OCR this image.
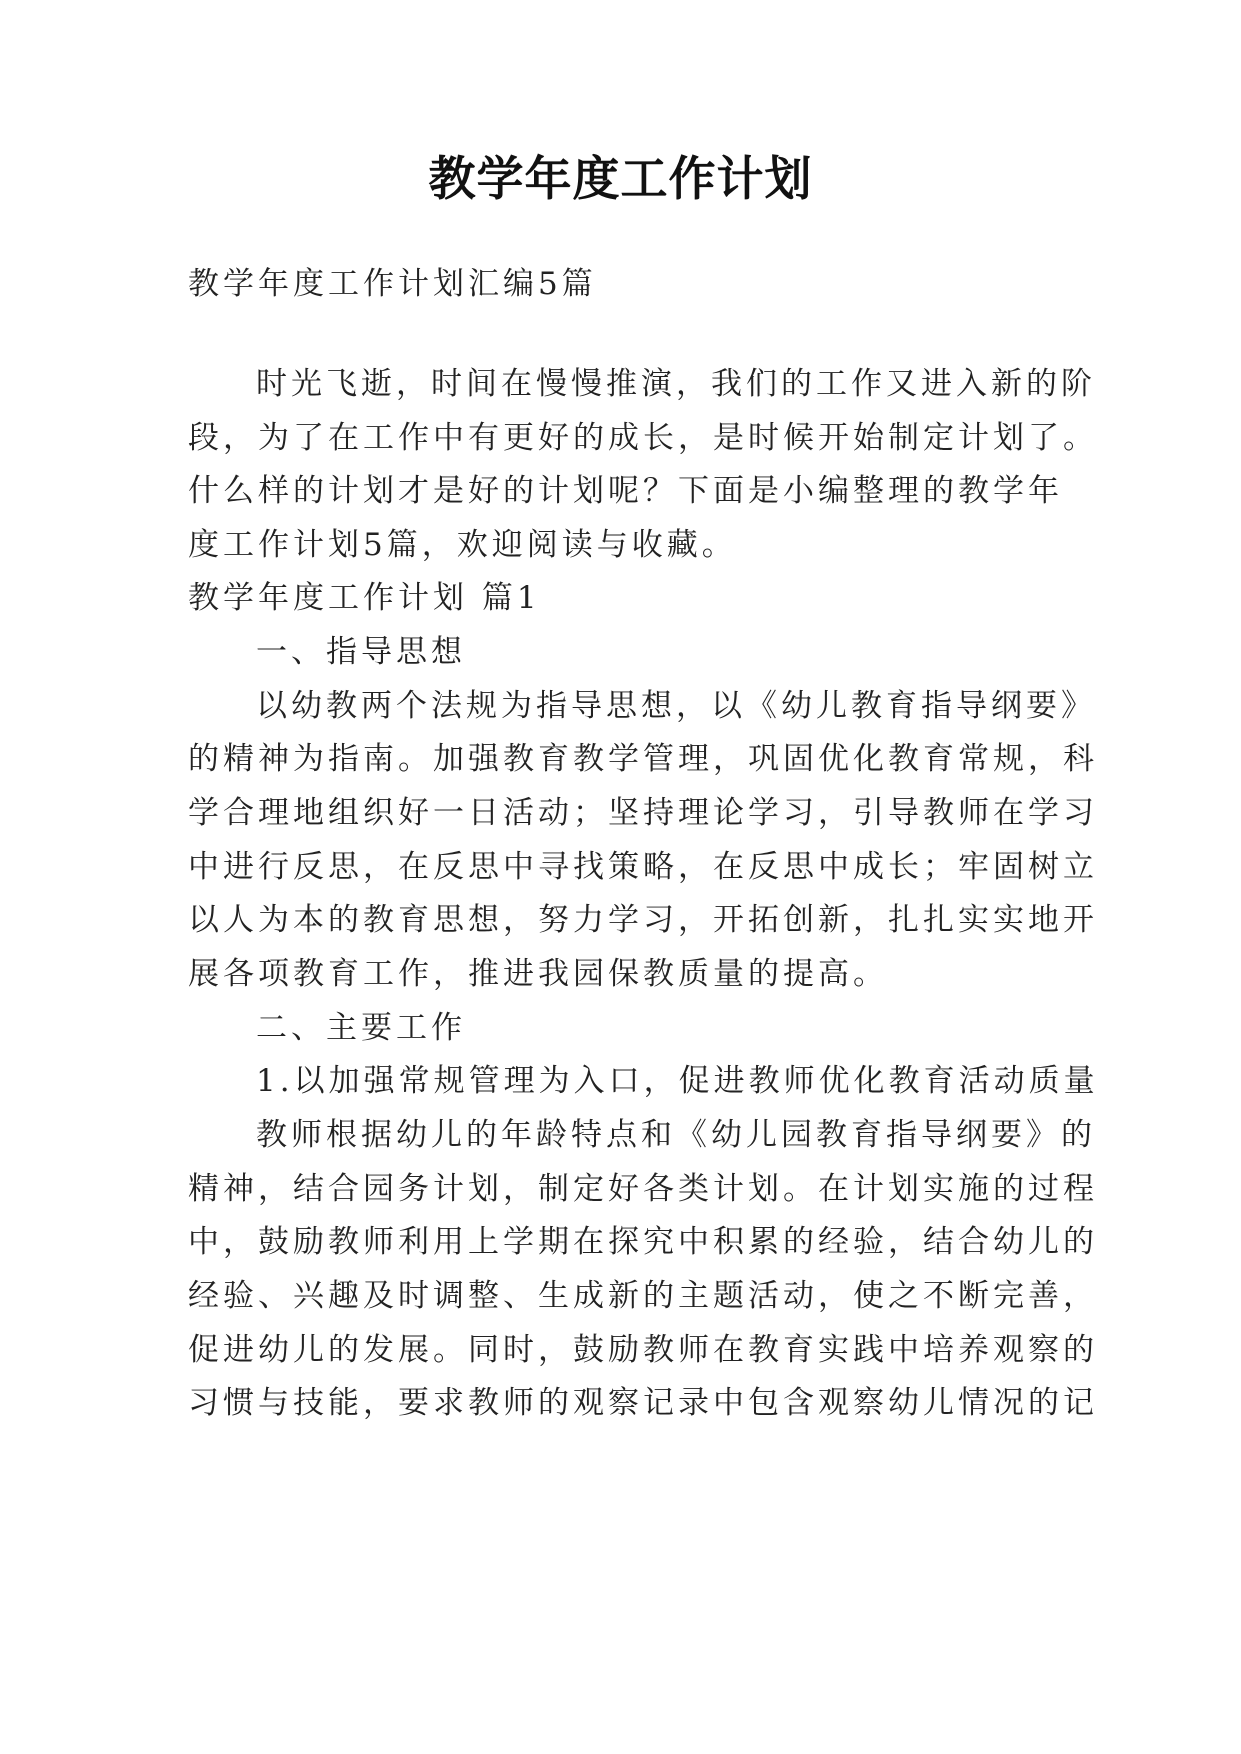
教学年度工作计划
教学年度工作计划汇编5篇
时光飞逝，时间在慢慢推演，我们的工作又进入新的阶
段，为了在工作中有更好的成长，是时候开始制定计划了。
什么样的计划才是好的计划呢？下面是小编整理的教学年
度工作计划5篇，欢迎阅读与收藏。
教学年度工作计划 篇1
一、指导思想
以幼教两个法规为指导思想，以《幼儿教育指导纲要》
的精神为指南。加强教育教学管理，巩固优化教育常规，科
学合理地组织好一日活动；坚持理论学习，引导教师在学习
中进行反思，在反思中寻找策略，在反思中成长；牢固树立
以人为本的教育思想，努力学习，开拓创新，扎扎实实地开
展各项教育工作，推进我园保教质量的提高。
二、主要工作
1.以加强常规管理为入口，促进教师优化教育活动质量
教师根据幼儿的年龄特点和《幼儿园教育指导纲要》的
精神，结合园务计划，制定好各类计划。在计划实施的过程
中，鼓励教师利用上学期在探究中积累的经验，结合幼儿的
经验、兴趣及时调整、生成新的主题活动，使之不断完善，
促进幼儿的发展。同时，鼓励教师在教育实践中培养观察的
习惯与技能，要求教师的观察记录中包含观察幼儿情况的记
